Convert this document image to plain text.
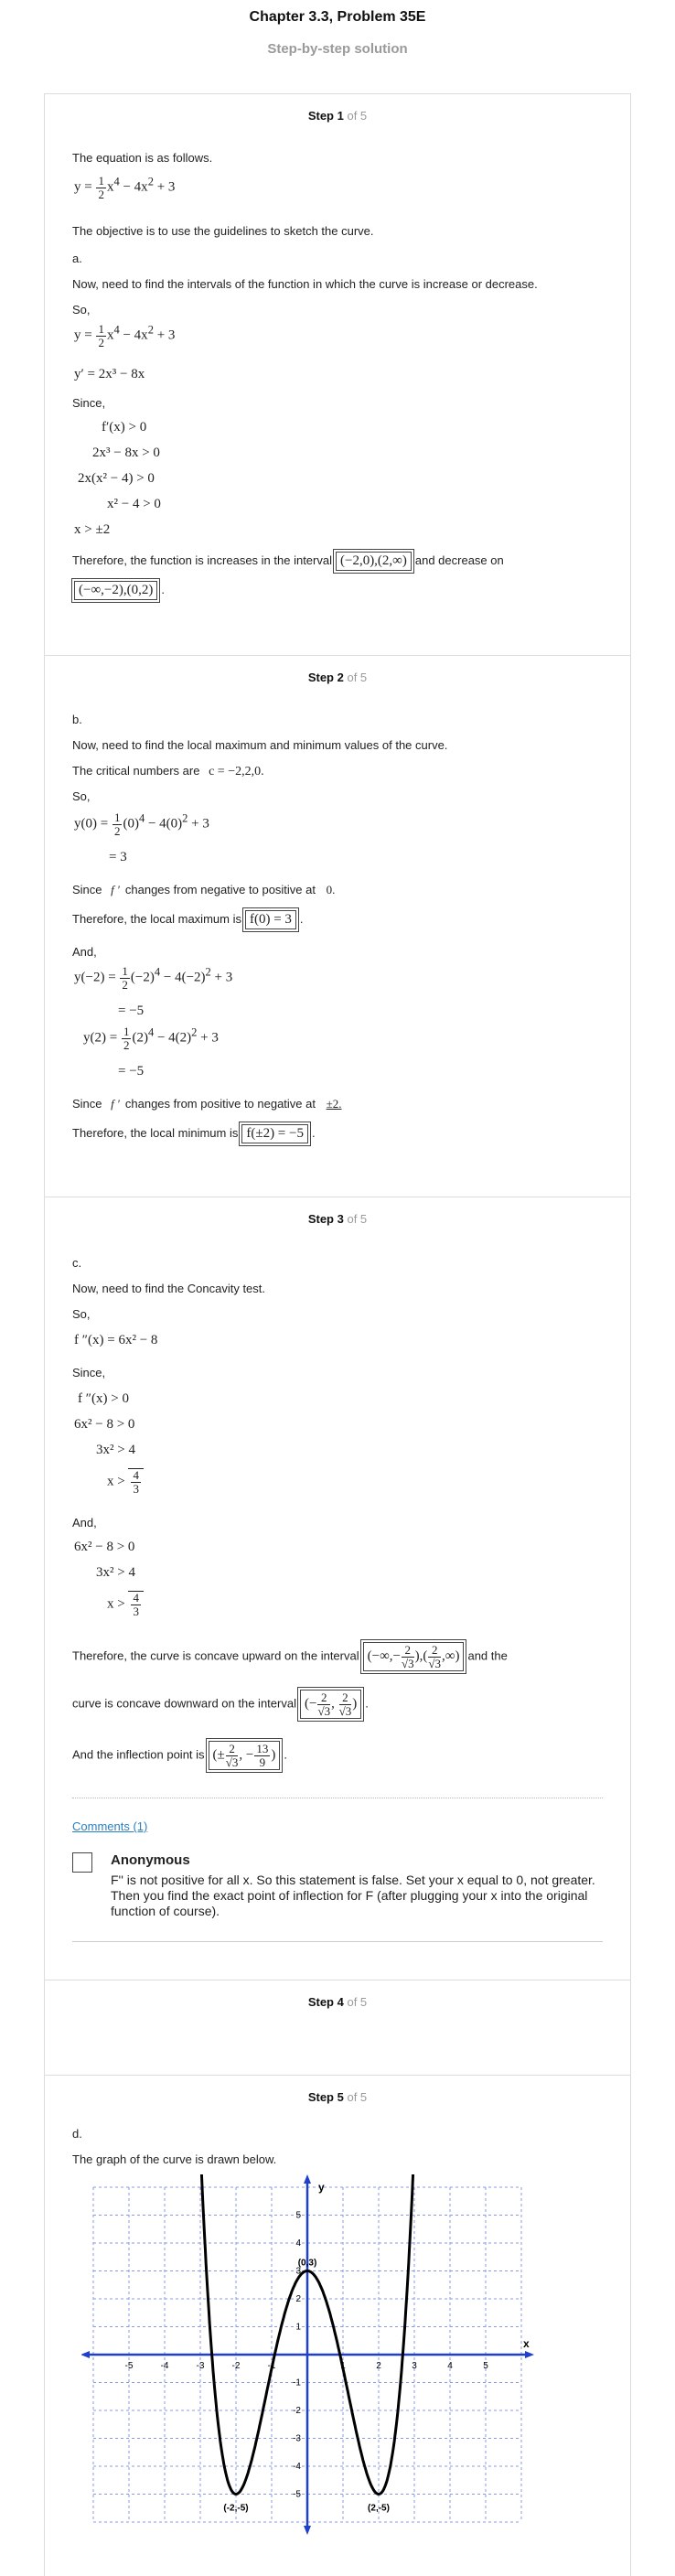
Chapter 3.3, Problem 35E
Step-by-step solution
Step 1 of 5
The equation is as follows.
$y = \frac{1}{2} x^4 - 4x^2 + 3$
The objective is to use the guidelines to sketch the curve.
a.
Now, need to find the intervals of the function in which the curve is increase or decrease.
So,
$y = \frac{1}{2} x^4 - 4x^2 + 3$
y′ = 2x³ − 8x
Since,
f′(x) > 0
2x³ − 8x > 0
2x(x² − 4) > 0
x² − 4 > 0
x > ±2
Therefore, the function is increases in the interval (−2,0),(2,∞) and decrease on
(−∞,−2),(0,2) .
Step 2 of 5
b.
Now, need to find the local maximum and minimum values of the curve.
The critical numbers are c = −2,2,0.
So,
$y(0) = \frac{1}{2} (0)^4 - 4(0)^2 + 3$
= 3
Since f ′ changes from negative to positive at 0.
Therefore, the local maximum is f(0) = 3 .
And,
$y(-2) = \frac{1}{2} (-2)^4 - 4(-2)^2 + 3$
= −5
$y(2) = \frac{1}{2} (2)^4 - 4(2)^2 + 3$
= −5
Since f ′ changes from positive to negative at ±2.
Therefore, the local minimum is f(±2) = −5 .
Step 3 of 5
c.
Now, need to find the Concavity test.
So,
f ″(x) = 6x² − 8
Since,
f ″(x) > 0
6x² − 8 > 0
3x² > 4
$x > \frac{4}{3}$
And,
6x² − 8 > 0
3x² > 4
$x > \frac{4}{3}$
Therefore, the curve is concave upward on the interval (−∞,− $\frac{2}{√3}$ ),( $\frac{2}{√3}$ ,∞) and the
curve is concave downward on the interval (− $\frac{2}{√3}$ , $\frac{2}{√3}$ ) .
And the inflection point is (± $\frac{2}{√3}$ , − $\frac{13}{9}$ ) .
Comments (1)
Anonymous
F'' is not positive for all x. So this statement is false. Set your x equal to 0, not greater. Then you find the exact point of inflection for F (after plugging your x into the original function of course).
Step 4 of 5
Step 5 of 5
d.
The graph of the curve is drawn below.
x
y
-5	-4	-3	-2	-1	1	2	3	4	5
-5
-4
-3
-2
-1
1
2
3
4
5
(0,3)
(-2,-5)	(2,-5)
